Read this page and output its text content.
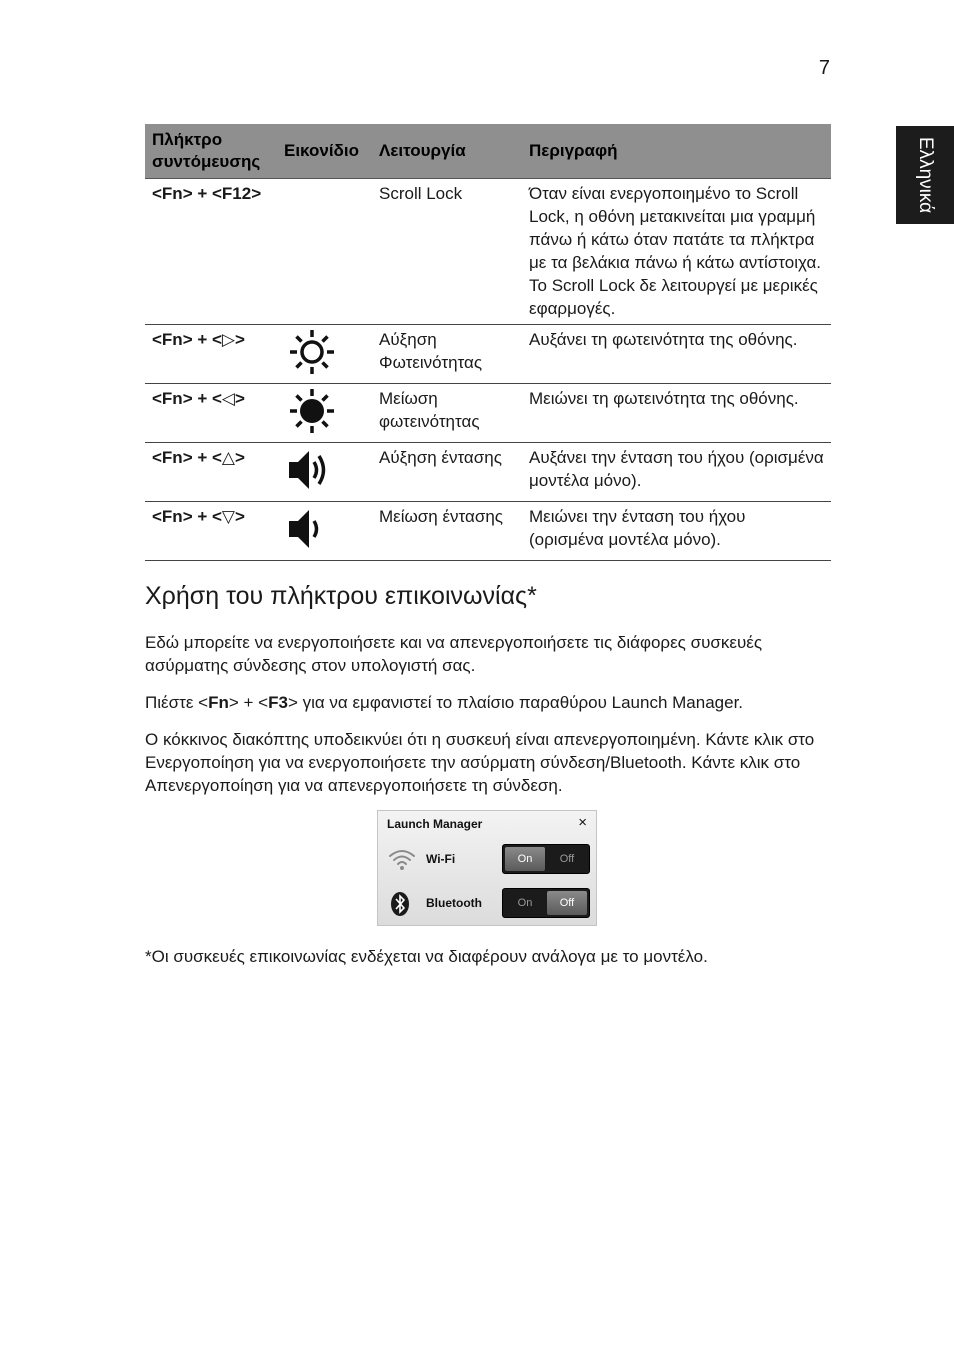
7
Ελληνικά
Πλήκτρο συντόμευσης	Εικονίδιο	Λειτουργία	Περιγραφή
<Fn> + <F12>		Scroll Lock	Όταν είναι ενεργοποιημένο το Scroll Lock, η οθόνη μετακινείται μια γραμμή πάνω ή κάτω όταν πατάτε τα πλήκτρα με τα βελάκια πάνω ή κάτω αντίστοιχα. Το Scroll Lock δε λειτουργεί με μερικές εφαρμογές.
<Fn> + <▷>		Αύξηση Φωτεινότητας	Αυξάνει τη φωτεινότητα της οθόνης.
<Fn> + <◁>		Μείωση φωτεινότητας	Μειώνει τη φωτεινότητα της οθόνης.
<Fn> + <△>		Αύξηση έντασης	Αυξάνει την ένταση του ήχου (ορισμένα μοντέλα μόνο).
<Fn> + <▽>		Μείωση έντασης	Μειώνει την ένταση του ήχου (ορισμένα μοντέλα μόνο).
Χρήση του πλήκτρου επικοινωνίας*

Εδώ μπορείτε να ενεργοποιήσετε και να απενεργοποιήσετε τις διάφορες συσκευές ασύρματης σύνδεσης στον υπολογιστή σας.

Πιέστε <Fn> + <F3> για να εμφανιστεί το πλαίσιο παραθύρου Launch Manager.

Ο κόκκινος διακόπτης υποδεικνύει ότι η συσκευή είναι απενεργοποιημένη. Κάντε κλικ στο Ενεργοποίηση για να ενεργοποιήσετε την ασύρματη σύνδεση/Bluetooth. Κάντε κλικ στο Απενεργοποίηση για να απενεργοποιήσετε τη σύνδεση.

Launch Manager	×
Wi-Fi	On	Off
Bluetooth	On	Off

*Οι συσκευές επικοινωνίας ενδέχεται να διαφέρουν ανάλογα με το μοντέλο.
